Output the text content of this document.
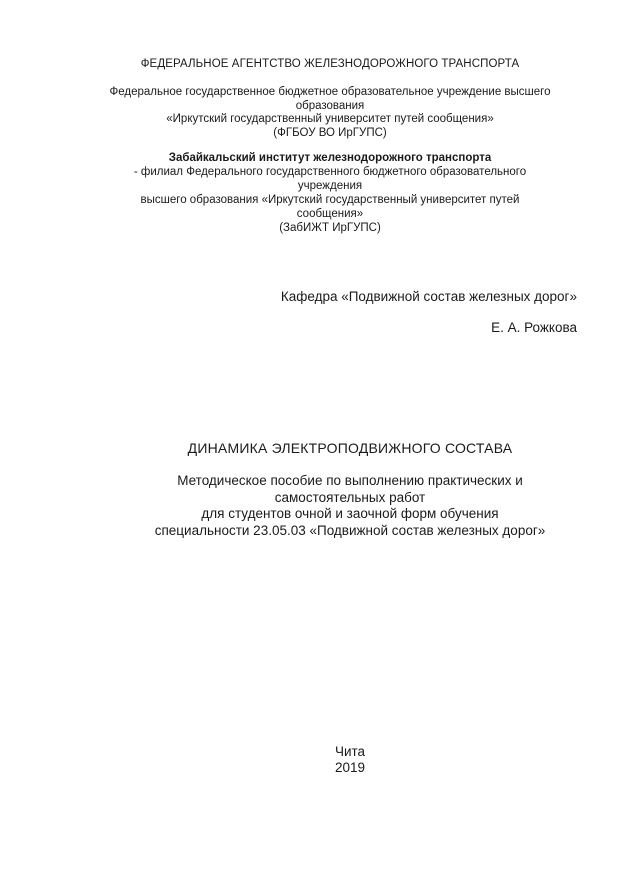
ФЕДЕРАЛЬНОЕ АГЕНТСТВО ЖЕЛЕЗНОДОРОЖНОГО ТРАНСПОРТА
Федеральное государственное бюджетное образовательное учреждение высшего
образования
«Иркутский государственный университет путей сообщения»
(ФГБОУ ВО ИрГУПС)
Забайкальский институт железнодорожного транспорта
- филиал Федерального государственного бюджетного образовательного
учреждения
высшего образования «Иркутский государственный университет путей
сообщения»
(ЗабИЖТ ИрГУПС)
Кафедра «Подвижной состав железных дорог»
Е. А. Рожкова
ДИНАМИКА ЭЛЕКТРОПОДВИЖНОГО СОСТАВА
Методическое пособие по выполнению практических и
самостоятельных работ
для студентов очной и заочной форм обучения
специальности 23.05.03 «Подвижной состав железных дорог»
Чита
2019
